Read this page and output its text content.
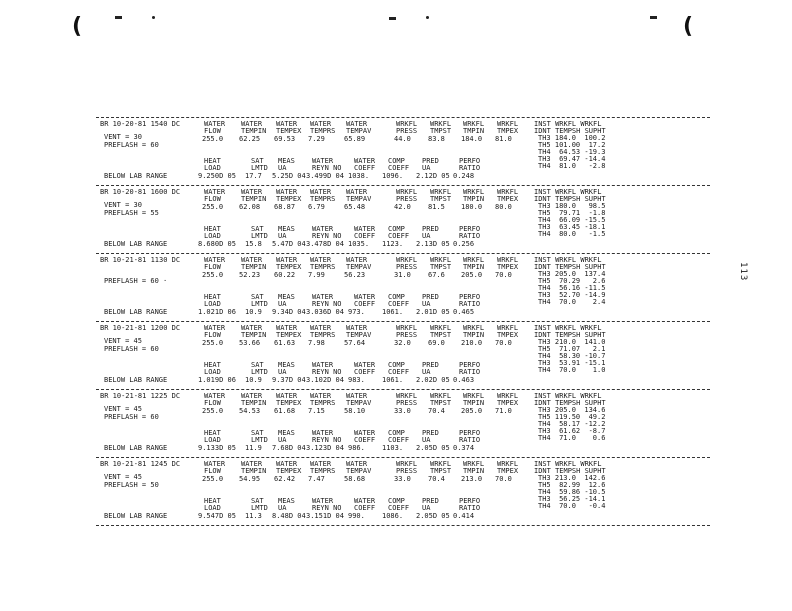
(	(
113
BR 10-20-81 1540 DC	WATER WATER WATER WATER WATER	WRKFL WRKFL WRKFL WRKFL
FLOW	TEMPIN TEMPEX TEMPRS TEMPAV	PRESS TMPST TMPIN TMPEX
INST WRKFL WRKFL
IDNT TEMPSH SUPHT
VENT = 30
PREFLASH = 60
255.0 62.25 69.53 7.29	65.89	44.0 83.8 184.0 81.0	TH3 184.0  100.2
TH5 101.00  17.2
TH4  64.53 -19.3
TH3  69.47 -14.4
TH4  81.0   -2.8
HEAT	SAT MEAS WATER	WATER COMP PRED	PERFO
LOAD	LMTD UA	REYN NO COEFF COEFF UA	RATIO
BELOW LAB RANGE	9.250D 05 17.7 5.25D 04 3.499D 04 1038. 1096. 2.12D 05 0.248
BR 10-20-81 1600 DC	WATER WATER WATER WATER WATER	WRKFL WRKFL WRKFL WRKFL
FLOW	TEMPIN TEMPEX TEMPRS TEMPAV	PRESS TMPST TMPIN TMPEX
INST WRKFL WRKFL
IDNT TEMPSH SUPHT
VENT = 30
PREFLASH = 55
255.0 62.08 68.87 6.79	65.48	42.0 81.5 180.0 80.0	TH3 180.0   98.5
TH5  79.71  -1.8
TH4  66.09 -15.5
TH3  63.45 -18.1
TH4  80.0   -1.5
HEAT	SAT MEAS WATER	WATER COMP PRED	PERFO
LOAD	LMTD UA	REYN NO COEFF COEFF UA	RATIO
BELOW LAB RANGE	8.680D 05 15.8 5.47D 04 3.478D 04 1035. 1123. 2.13D 05 0.256
BR 10-21-81 1130 DC	WATER WATER WATER WATER WATER	WRKFL WRKFL WRKFL WRKFL
FLOW	TEMPIN TEMPEX TEMPRS TEMPAV	PRESS TMPST TMPIN TMPEX
INST WRKFL WRKFL
IDNT TEMPSH SUPHT
PREFLASH = 60 ·
255.0 52.23 60.22 7.99	56.23	31.0 67.6 205.0 70.0	TH3 205.0  137.4
TH5  70.29   2.6
TH4  56.16 -11.5
TH3  52.70 -14.9
TH4  70.0    2.4
HEAT	SAT MEAS WATER	WATER COMP PRED	PERFO
LOAD	LMTD UA	REYN NO COEFF COEFF UA	RATIO
BELOW LAB RANGE	1.021D 06 10.9 9.34D 04 3.036D 04 973. 1061. 2.01D 05 0.465
BR 10-21-81 1200 DC	WATER WATER WATER WATER WATER	WRKFL WRKFL WRKFL WRKFL
FLOW	TEMPIN TEMPEX TEMPRS TEMPAV	PRESS TMPST TMPIN TMPEX
INST WRKFL WRKFL
IDNT TEMPSH SUPHT
VENT = 45
PREFLASH = 60
255.0 53.66 61.63 7.98	57.64	32.0 69.0 210.0 70.0	TH3 210.0  141.0
TH5  71.07   2.1
TH4  58.30 -10.7
TH3  53.91 -15.1
TH4  70.0    1.0
HEAT	SAT MEAS WATER	WATER COMP PRED	PERFO
LOAD	LMTD UA	REYN NO COEFF COEFF UA	RATIO
BELOW LAB RANGE	1.019D 06 10.9 9.37D 04 3.102D 04 983. 1061. 2.02D 05 0.463
BR 10-21-81 1225 DC	WATER WATER WATER WATER WATER	WRKFL WRKFL WRKFL WRKFL
FLOW	TEMPIN TEMPEX TEMPRS TEMPAV	PRESS TMPST TMPIN TMPEX
INST WRKFL WRKFL
IDNT TEMPSH SUPHT
VENT = 45
PREFLASH = 60
255.0 54.53 61.68 7.15	58.10	33.0 70.4 205.0 71.0	TH3 205.0  134.6
TH5 119.50  49.2
TH4  58.17 -12.2
TH3  61.62  -8.7
TH4  71.0    0.6
HEAT	SAT MEAS WATER	WATER COMP PRED	PERFO
LOAD	LMTD UA	REYN NO COEFF COEFF UA	RATIO
BELOW LAB RANGE	9.133D 05 11.9 7.68D 04 3.123D 04 986. 1103. 2.05D 05 0.374
BR 10-21-81 1245 DC	WATER WATER WATER WATER WATER	WRKFL WRKFL WRKFL WRKFL
FLOW	TEMPIN TEMPEX TEMPRS TEMPAV	PRESS TMPST TMPIN TMPEX
INST WRKFL WRKFL
IDNT TEMPSH SUPHT
VENT = 45
PREFLASH = 50
255.0 54.95 62.42 7.47	58.68	33.0 70.4 213.0 70.0	TH3 213.0  142.6
TH5  82.99  12.6
TH4  59.86 -10.5
TH3  56.25 -14.1
TH4  70.0   -0.4
HEAT	SAT MEAS WATER	WATER COMP PRED	PERFO
LOAD	LMTD UA	REYN NO COEFF COEFF UA	RATIO
BELOW LAB RANGE	9.547D 05 11.3 8.48D 04 3.151D 04 990. 1086. 2.05D 05 0.414
